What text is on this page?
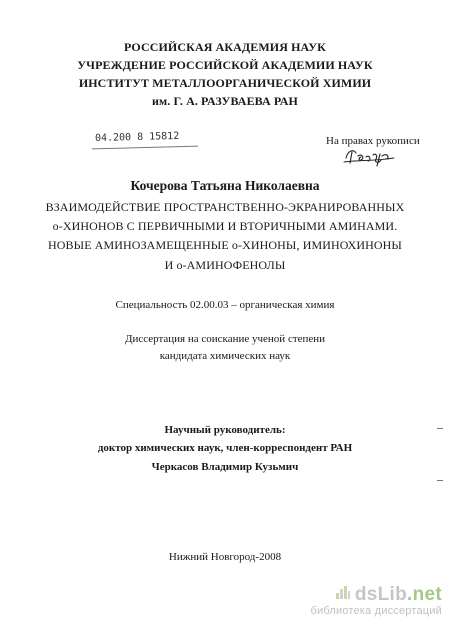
РОССИЙСКАЯ АКАДЕМИЯ НАУК
УЧРЕЖДЕНИЕ РОССИЙСКОЙ АКАДЕМИИ НАУК
ИНСТИТУТ МЕТАЛЛООРГАНИЧЕСКОЙ ХИМИИ
им. Г. А. РАЗУВАЕВА РАН
04.200 8 15812	На правах рукописи
Кочерова Татьяна Николаевна
ВЗАИМОДЕЙСТВИЕ ПРОСТРАНСТВЕННО-ЭКРАНИРОВАННЫХ
о-ХИНОНОВ С ПЕРВИЧНЫМИ И ВТОРИЧНЫМИ АМИНАМИ.
НОВЫЕ АМИНОЗАМЕЩЕННЫЕ о-ХИНОНЫ, ИМИНОХИНОНЫ
И о-АМИНОФЕНОЛЫ
Специальность 02.00.03 – органическая химия
Диссертация на соискание ученой степени
кандидата химических наук
Научный руководитель:
доктор химических наук, член-корреспондент РАН
Черкасов Владимир Кузьмич
Нижний Новгород-2008
dsLib.net
библиотека диссертаций
